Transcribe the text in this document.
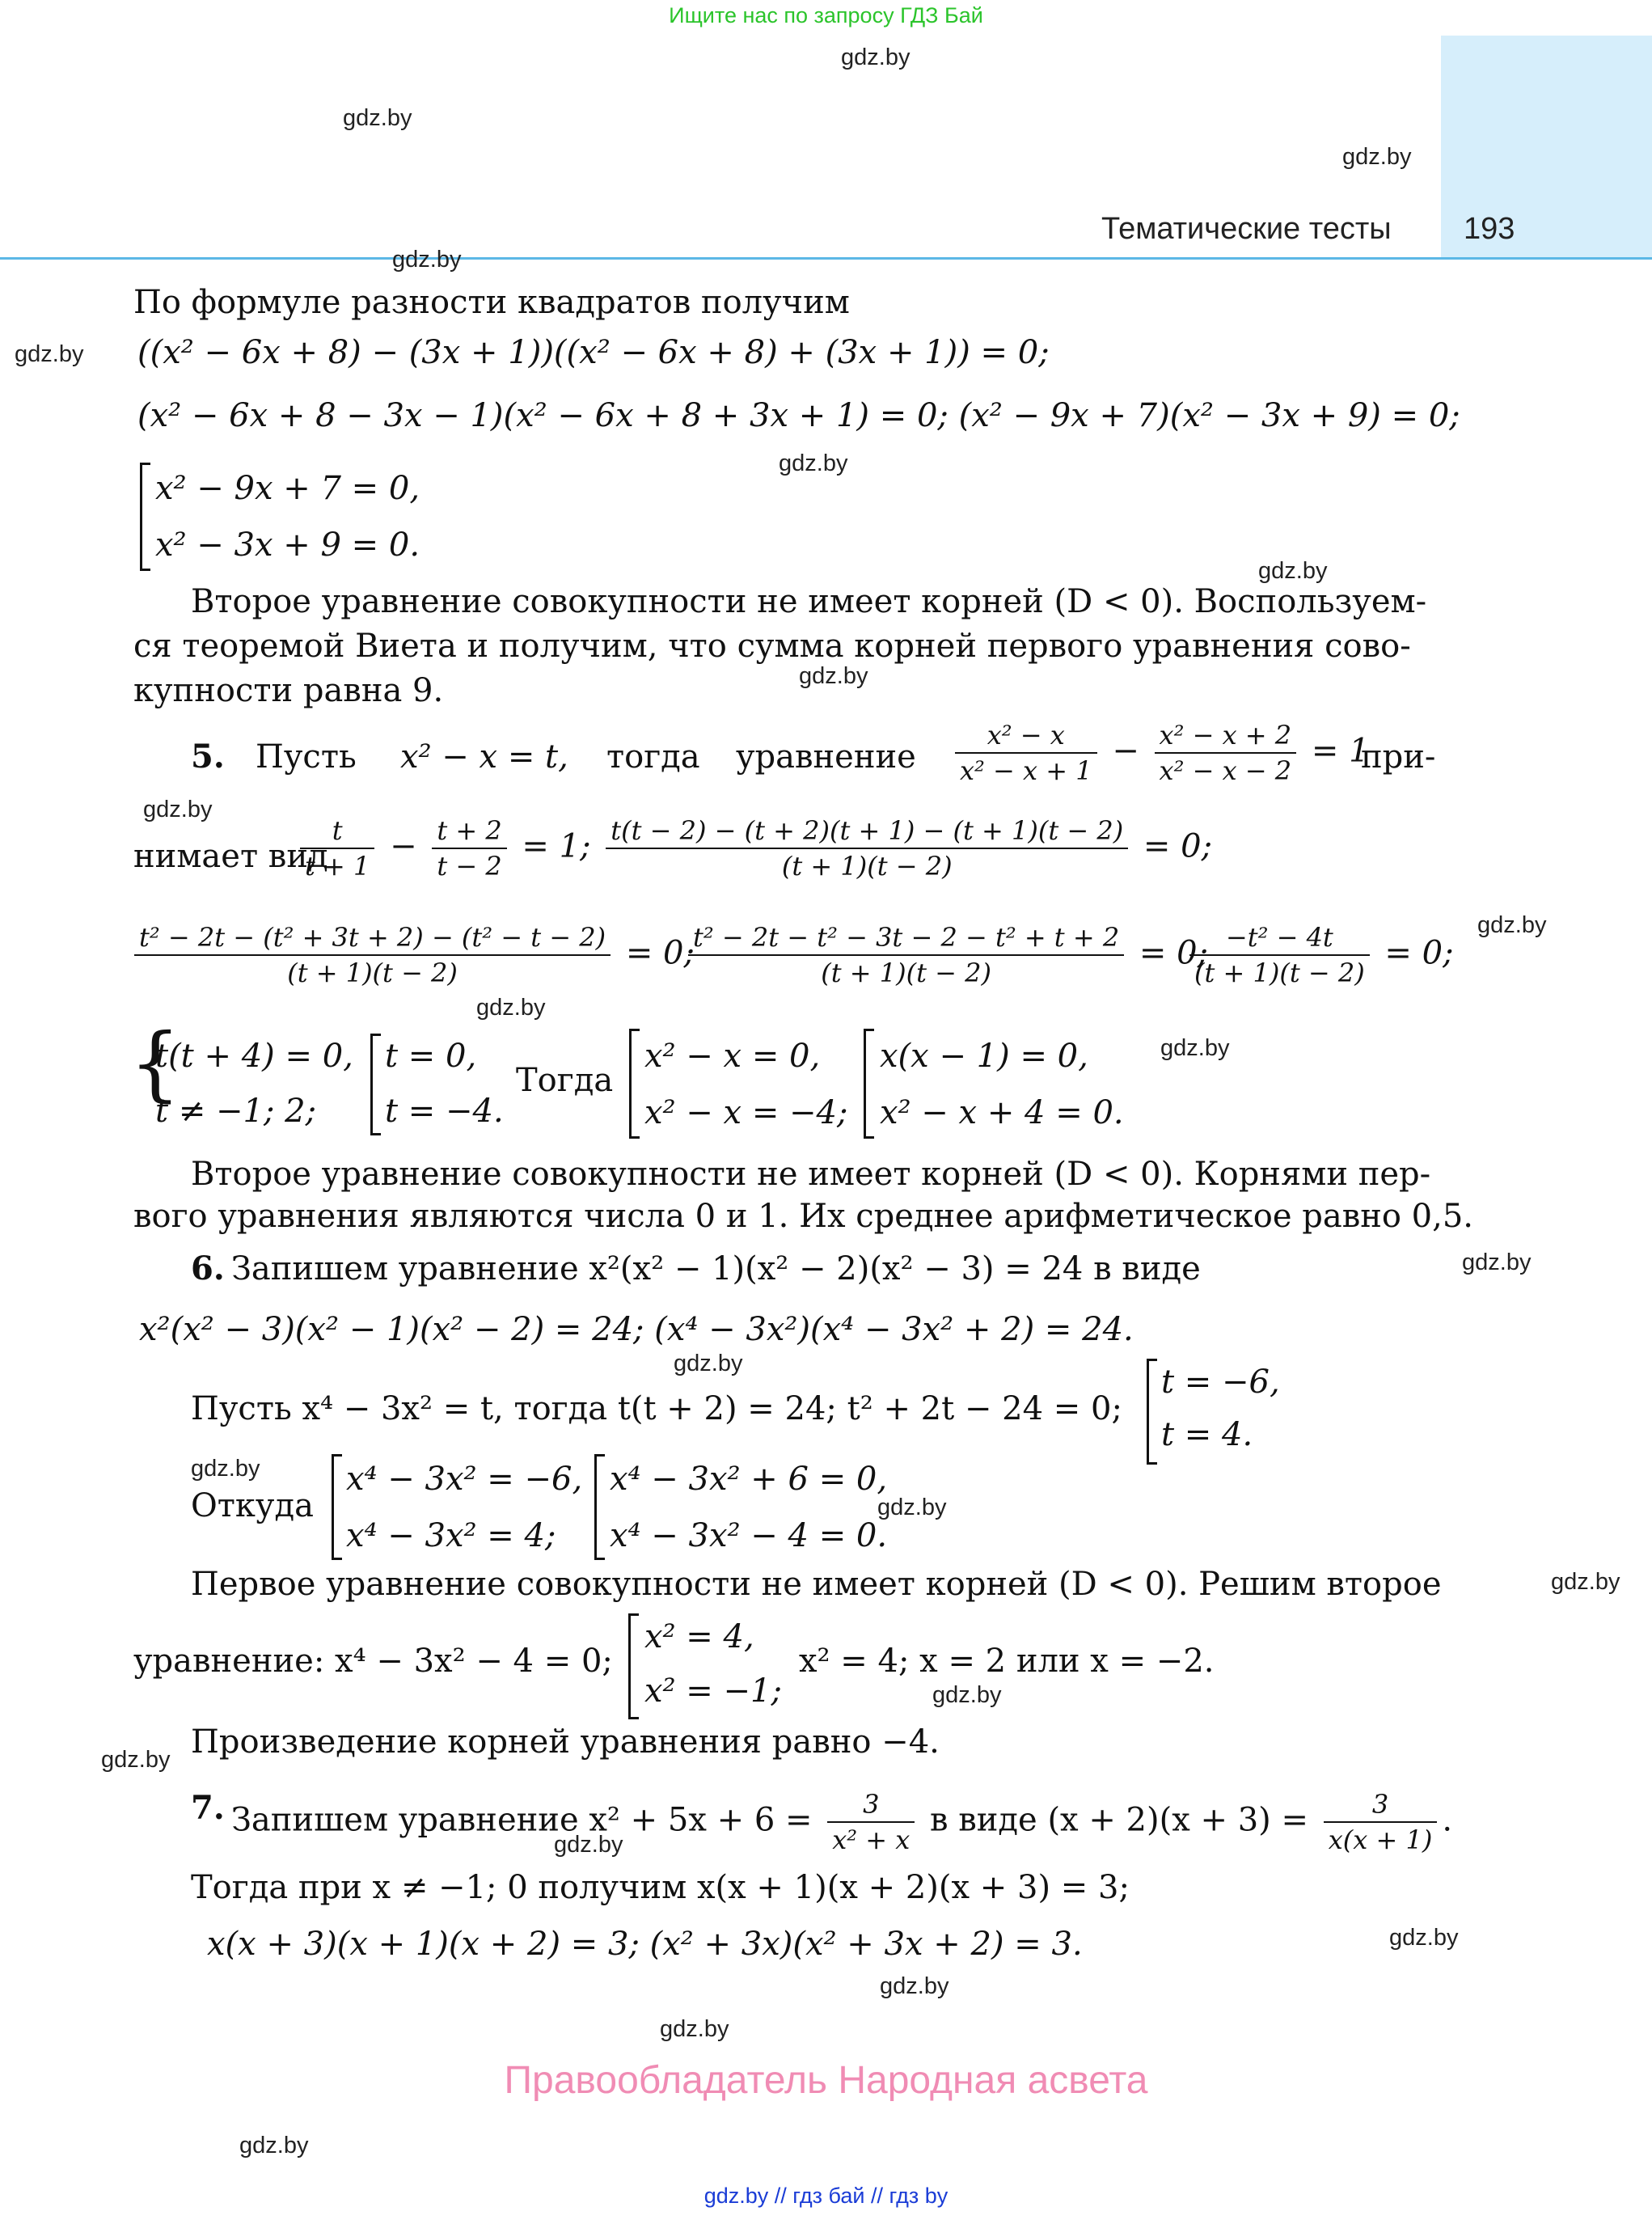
Ищите нас по запросу ГДЗ Бай
Тематические тесты 193
gdz.by
gdz.by
gdz.by
gdz.by
gdz.by
gdz.by
gdz.by
gdz.by
gdz.by
gdz.by
gdz.by
gdz.by
gdz.by
gdz.by
gdz.by
gdz.by
gdz.by
gdz.by
gdz.by
gdz.by
gdz.by
gdz.by
gdz.by
gdz.by
По формуле разности квадратов получим
((x² − 6x + 8) − (3x + 1))((x² − 6x + 8) + (3x + 1)) = 0;
(x² − 6x + 8 − 3x − 1)(x² − 6x + 8 + 3x + 1) = 0; (x² − 9x + 7)(x² − 3x + 9) = 0;
x² − 9x + 7 = 0,
x² − 3x + 9 = 0.
Второе уравнение совокупности не имеет корней (D < 0). Воспользуем-
ся теоремой Виета и получим, что сумма корней первого уравнения сово-
купности равна 9.
5. Пусть x² − x = t, тогда уравнение $\frac{\text{x² − x}}{\text{x² − x + 1}} - \frac{\text{x² − x + 2}}{\text{x² − x − 2}} = 1$
при-
нимает вид
$\frac{t}{t + 1} - \frac{t + 2}{t - 2} = 1$; $\frac{t(t - 2) - (t + 2)(t + 1) - (t + 1)(t - 2)}{(t + 1)(t - 2)} = 0$;
$\frac{\text{t² − 2t − (t² + 3t + 2) − (t² − t − 2)}}{(t + 1)(t - 2)} = 0$;
$\frac{\text{t² − 2t − t² − 3t − 2 − t² + t + 2}}{(t + 1)(t - 2)} = 0$;
$\frac{\text{−t² − 4t}}{(t + 1)(t - 2)} = 0$;
{
t(t + 4) = 0,
t ≠ −1; 2;
t = 0,
t = −4.
Тогда
x² − x = 0,
x² − x = −4;
x(x − 1) = 0,
x² − x + 4 = 0.
Второе уравнение совокупности не имеет корней (D < 0). Корнями пер-
вого уравнения являются числа 0 и 1. Их среднее арифметическое равно 0,5.
6. Запишем уравнение x²(x² − 1)(x² − 2)(x² − 3) = 24 в виде
x²(x² − 3)(x² − 1)(x² − 2) = 24; (x⁴ − 3x²)(x⁴ − 3x² + 2) = 24.
Пусть x⁴ − 3x² = t, тогда t(t + 2) = 24; t² + 2t − 24 = 0;
t = −6,
t = 4.
Откуда
x⁴ − 3x² = −6,
x⁴ − 3x² = 4;
x⁴ − 3x² + 6 = 0,
x⁴ − 3x² − 4 = 0.
Первое уравнение совокупности не имеет корней (D < 0). Решим второе
уравнение: x⁴ − 3x² − 4 = 0;
x² = 4,
x² = −1;
x² = 4; x = 2 или x = −2.
Произведение корней уравнения равно −4.
7. Запишем уравнение $x^2 + 5x + 6 = \frac{3}{\text{x² + x}}$ в виде $(x + 2)(x + 3) = \frac{3}{x(x + 1)}$ .
Тогда при x ≠ −1; 0 получим x(x + 1)(x + 2)(x + 3) = 3;
x(x + 3)(x + 1)(x + 2) = 3; (x² + 3x)(x² + 3x + 2) = 3.
Правообладатель Народная асвета
gdz.by // гдз бай // гдз by
